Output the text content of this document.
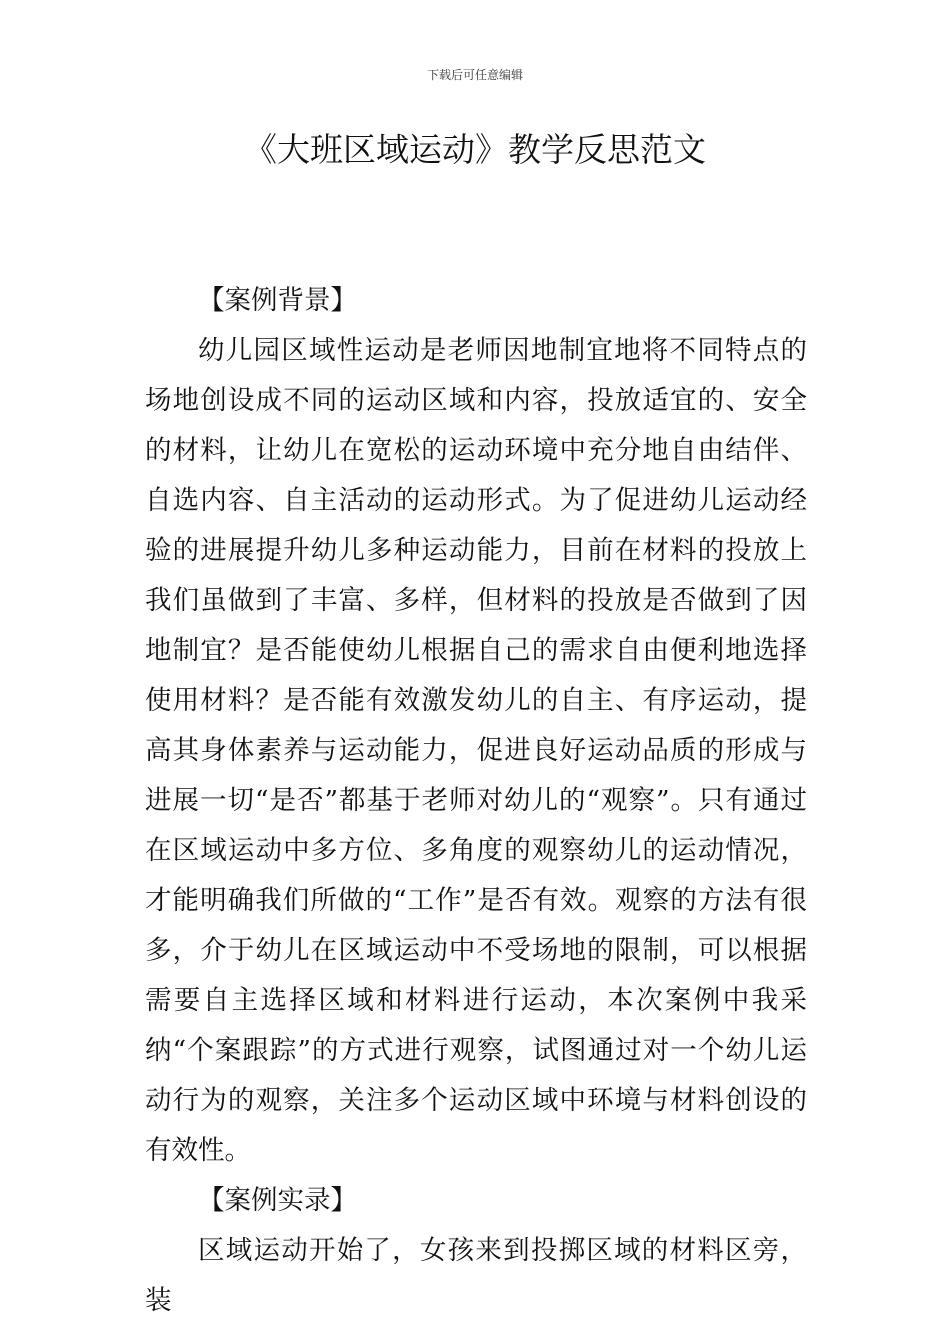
下载后可任意编辑
《大班区域运动》教学反思范文
【案例背景】

幼儿园区域性运动是老师因地制宜地将不同特点的场地创设成不同的运动区域和内容，投放适宜的、安全的材料，让幼儿在宽松的运动环境中充分地自由结伴、自选内容、自主活动的运动形式。为了促进幼儿运动经验的进展提升幼儿多种运动能力，目前在材料的投放上我们虽做到了丰富、多样，但材料的投放是否做到了因地制宜？是否能使幼儿根据自己的需求自由便利地选择使用材料？是否能有效激发幼儿的自主、有序运动，提高其身体素养与运动能力，促进良好运动品质的形成与进展一切“是否”都基于老师对幼儿的“观察”。只有通过在区域运动中多方位、多角度的观察幼儿的运动情况，才能明确我们所做的“工作”是否有效。观察的方法有很多，介于幼儿在区域运动中不受场地的限制，可以根据需要自主选择区域和材料进行运动，本次案例中我采纳“个案跟踪”的方式进行观察，试图通过对一个幼儿运动行为的观察，关注多个运动区域中环境与材料创设的有效性。

【案例实录】

区域运动开始了，女孩来到投掷区域的材料区旁，装
